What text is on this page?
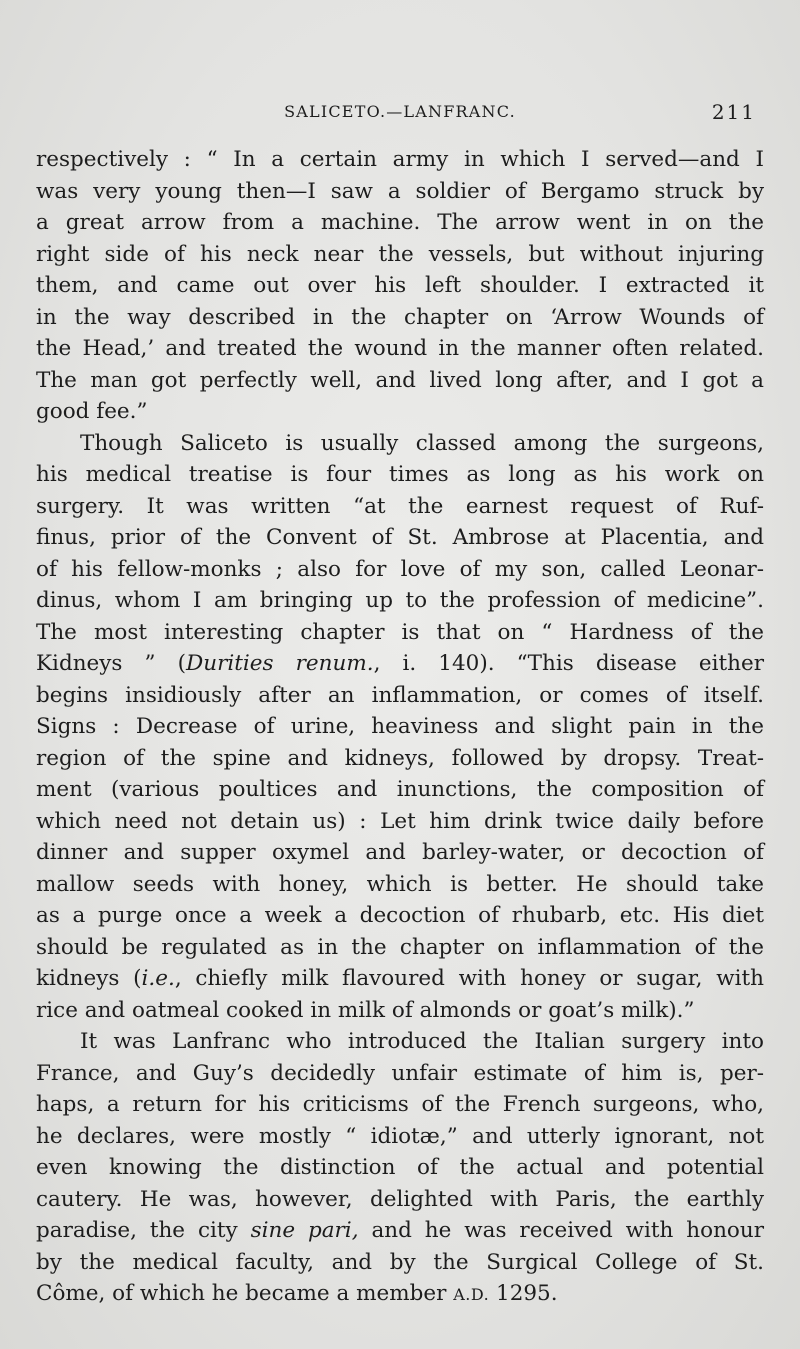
SALICETO.—LANFRANC.	211
respectively : “ In a certain army in which I served—and I
was very young then—I saw a soldier of Bergamo struck by
a great arrow from a machine. The arrow went in on the
right side of his neck near the vessels, but without injuring
them, and came out over his left shoulder. I extracted it
in the way described in the chapter on ‘Arrow Wounds of
the Head,’ and treated the wound in the manner often related.
The man got perfectly well, and lived long after, and I got a
good fee.”
Though Saliceto is usually classed among the surgeons,
his medical treatise is four times as long as his work on
surgery. It was written “at the earnest request of Ruf-
finus, prior of the Convent of St. Ambrose at Placentia, and
of his fellow-monks ; also for love of my son, called Leonar-
dinus, whom I am bringing up to the profession of medicine”.
The most interesting chapter is that on “ Hardness of the
Kidneys ” (Durities renum., i. 140). “This disease either
begins insidiously after an inflammation, or comes of itself.
Signs : Decrease of urine, heaviness and slight pain in the
region of the spine and kidneys, followed by dropsy. Treat-
ment (various poultices and inunctions, the composition of
which need not detain us) : Let him drink twice daily before
dinner and supper oxymel and barley-water, or decoction of
mallow seeds with honey, which is better. He should take
as a purge once a week a decoction of rhubarb, etc. His diet
should be regulated as in the chapter on inflammation of the
kidneys (i.e., chiefly milk flavoured with honey or sugar, with
rice and oatmeal cooked in milk of almonds or goat’s milk).”
It was Lanfranc who introduced the Italian surgery into
France, and Guy’s decidedly unfair estimate of him is, per-
haps, a return for his criticisms of the French surgeons, who,
he declares, were mostly “ idiotæ,” and utterly ignorant, not
even knowing the distinction of the actual and potential
cautery. He was, however, delighted with Paris, the earthly
paradise, the city sine pari, and he was received with honour
by the medical faculty, and by the Surgical College of St.
Côme, of which he became a member A.D. 1295.
